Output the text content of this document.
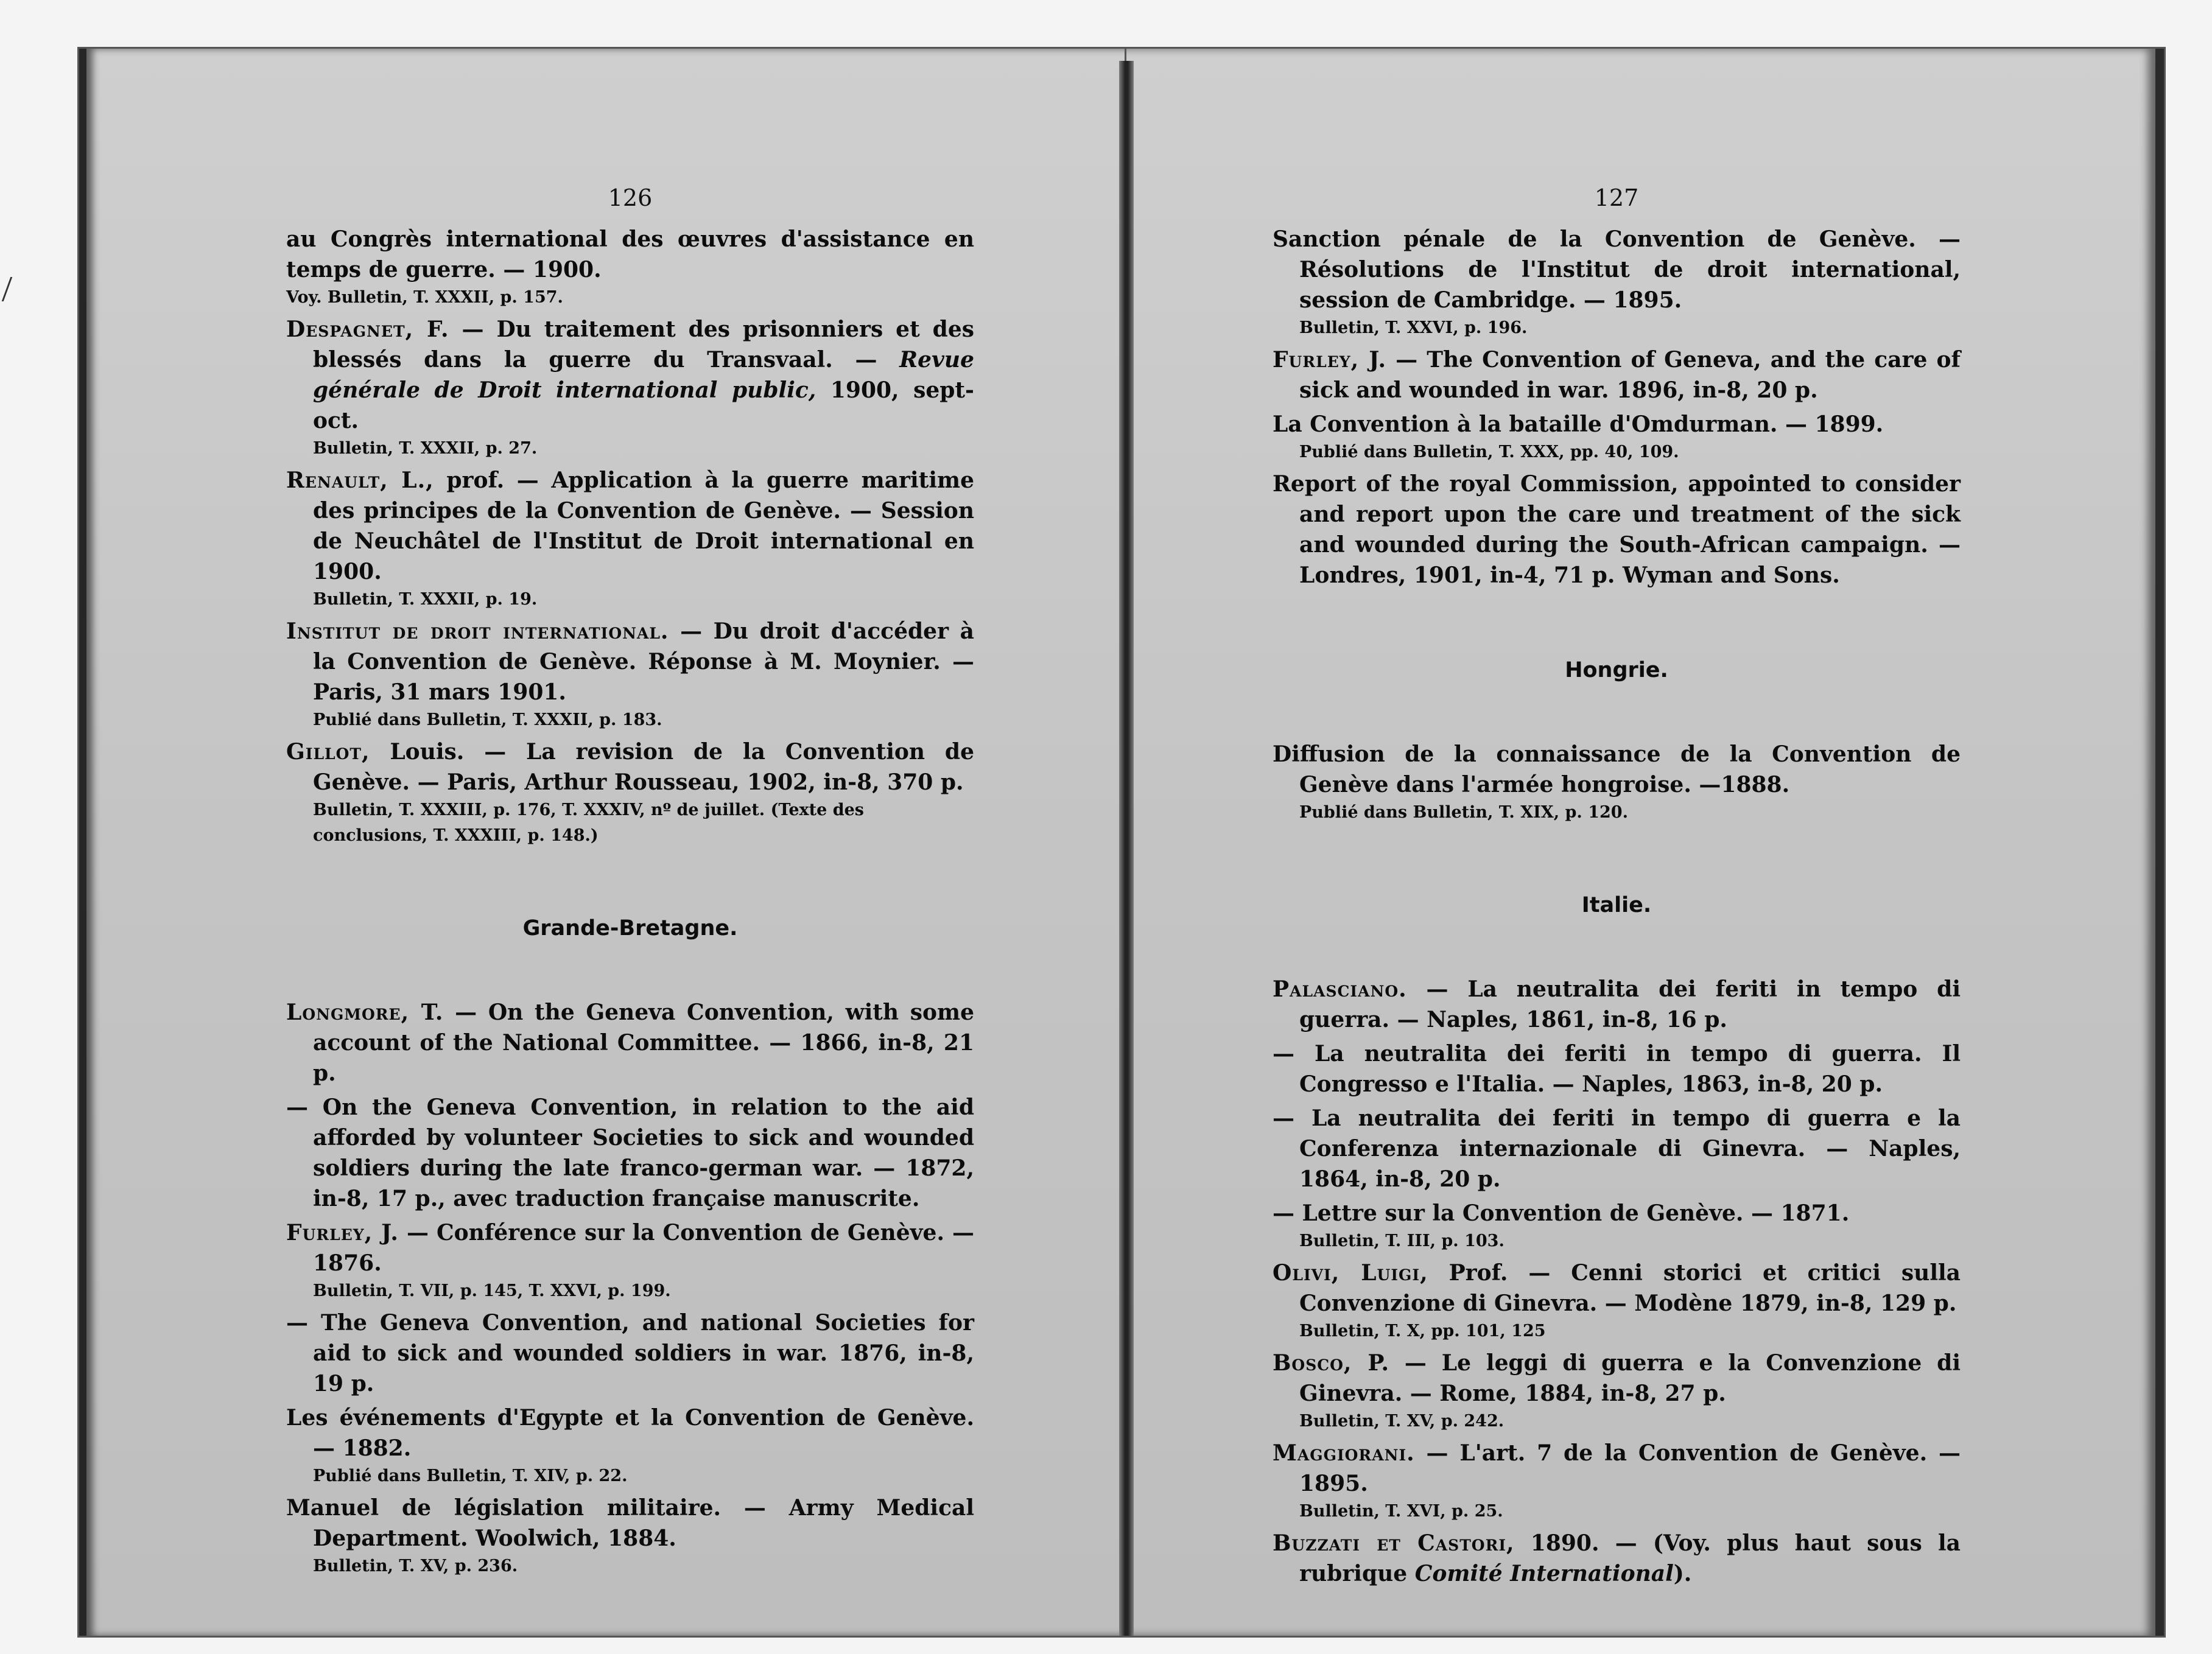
126
au Congrès international des œuvres d'assistance en temps de guerre. — 1900.
Voy. Bulletin, T. XXXII, p. 157.
Despagnet, F. — Du traitement des prisonniers et des blessés dans la guerre du Transvaal. — Revue générale de Droit international public, 1900, sept-oct.
Bulletin, T. XXXII, p. 27.
Renault, L., prof. — Application à la guerre maritime des principes de la Convention de Genève. — Session de Neuchâtel de l'Institut de Droit international en 1900.
Bulletin, T. XXXII, p. 19.
Institut de droit international. — Du droit d'accéder à la Convention de Genève. Réponse à M. Moynier. — Paris, 31 mars 1901.
Publié dans Bulletin, T. XXXII, p. 183.
Gillot, Louis. — La revision de la Convention de Genève. — Paris, Arthur Rousseau, 1902, in-8, 370 p.
Bulletin, T. XXXIII, p. 176, T. XXXIV, nº de juillet. (Texte des conclusions, T. XXXIII, p. 148.)
Grande-Bretagne.
Longmore, T. — On the Geneva Convention, with some account of the National Committee. — 1866, in-8, 21 p.
— On the Geneva Convention, in relation to the aid afforded by volunteer Societies to sick and wounded soldiers during the late franco-german war. — 1872, in-8, 17 p., avec traduction française manuscrite.
Furley, J. — Conférence sur la Convention de Genève. — 1876.
Bulletin, T. VII, p. 145, T. XXVI, p. 199.
— The Geneva Convention, and national Societies for aid to sick and wounded soldiers in war. 1876, in-8, 19 p.
Les événements d'Egypte et la Convention de Genève. — 1882.
Publié dans Bulletin, T. XIV, p. 22.
Manuel de législation militaire. — Army Medical Department. Woolwich, 1884.
Bulletin, T. XV, p. 236.
127
Sanction pénale de la Convention de Genève. — Résolutions de l'Institut de droit international, session de Cambridge. — 1895.
Bulletin, T. XXVI, p. 196.
Furley, J. — The Convention of Geneva, and the care of sick and wounded in war. 1896, in-8, 20 p.
La Convention à la bataille d'Omdurman. — 1899.
Publié dans Bulletin, T. XXX, pp. 40, 109.
Report of the royal Commission, appointed to consider and report upon the care und treatment of the sick and wounded during the South-African campaign. — Londres, 1901, in-4, 71 p. Wyman and Sons.
Hongrie.
Diffusion de la connaissance de la Convention de Genève dans l'armée hongroise. —1888.
Publié dans Bulletin, T. XIX, p. 120.
Italie.
Palasciano. — La neutralita dei feriti in tempo di guerra. — Naples, 1861, in-8, 16 p.
— La neutralita dei feriti in tempo di guerra. Il Congresso e l'Italia. — Naples, 1863, in-8, 20 p.
— La neutralita dei feriti in tempo di guerra e la Conferenza internazionale di Ginevra. — Naples, 1864, in-8, 20 p.
— Lettre sur la Convention de Genève. — 1871.
Bulletin, T. III, p. 103.
Olivi, Luigi, Prof. — Cenni storici et critici sulla Convenzione di Ginevra. — Modène 1879, in-8, 129 p.
Bulletin, T. X, pp. 101, 125
Bosco, P. — Le leggi di guerra e la Convenzione di Ginevra. — Rome, 1884, in-8, 27 p.
Bulletin, T. XV, p. 242.
Maggiorani. — L'art. 7 de la Convention de Genève. — 1895.
Bulletin, T. XVI, p. 25.
Buzzati et Castori, 1890. — (Voy. plus haut sous la rubrique Comité International).
